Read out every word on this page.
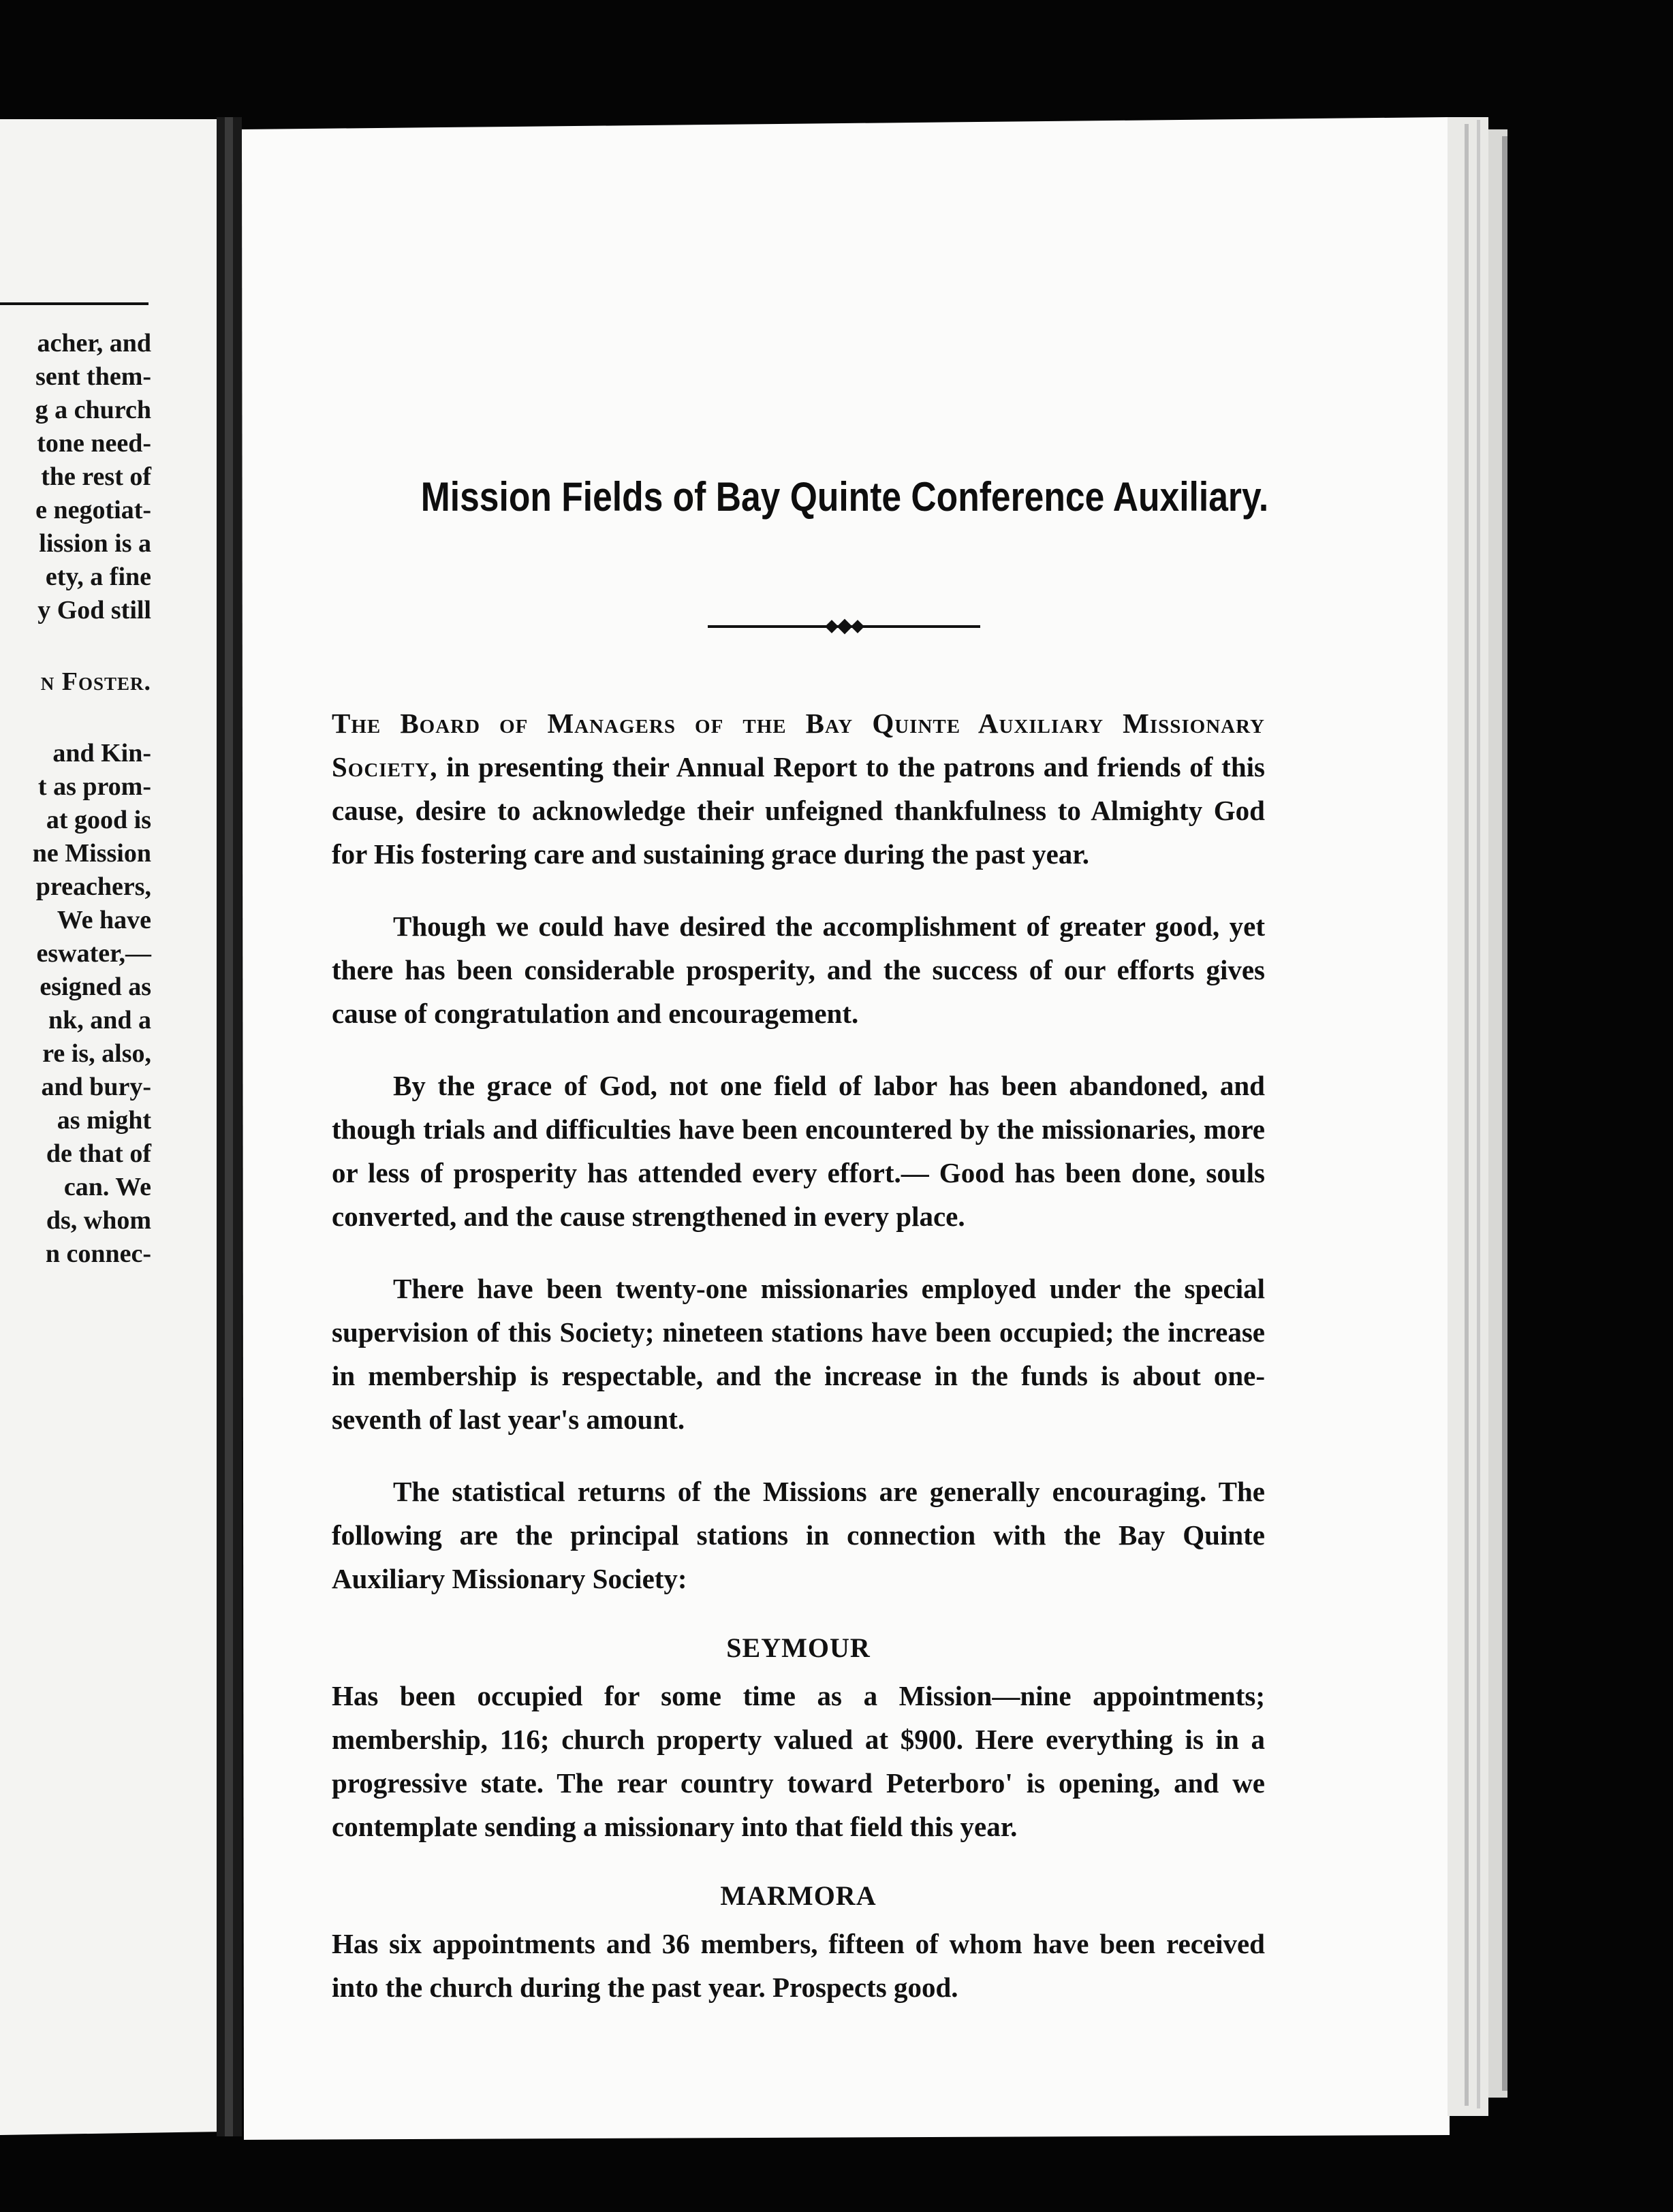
acher, and
sent them-
g a church
tone need-
the rest of
e negotiat-
lission is a
ety, a fine
y God still
n Foster.
and Kin-
t as prom-
at good is
ne Mission
preachers,
We have
eswater,—
esigned as
nk, and a
re is, also,
and bury-
as might
de that of
can. We
ds, whom
n connec-
Mission Fields of Bay Quinte Conference Auxiliary.

The Board of Managers of the Bay Quinte Auxiliary Missionary Society, in presenting their Annual Report to the patrons and friends of this cause, desire to acknowledge their unfeigned thankfulness to Almighty God for His fostering care and sustaining grace during the past year.

Though we could have desired the accomplishment of greater good, yet there has been considerable prosperity, and the success of our efforts gives cause of congratulation and encouragement.

By the grace of God, not one field of labor has been abandoned, and though trials and difficulties have been encountered by the missionaries, more or less of prosperity has attended every effort.— Good has been done, souls converted, and the cause strengthened in every place.

There have been twenty-one missionaries employed under the special supervision of this Society; nineteen stations have been occupied; the increase in membership is respectable, and the increase in the funds is about one-seventh of last year's amount.

The statistical returns of the Missions are generally encouraging. The following are the principal stations in connection with the Bay Quinte Auxiliary Missionary Society:

SEYMOUR

Has been occupied for some time as a Mission—nine appointments; membership, 116; church property valued at $900. Here everything is in a progressive state. The rear country toward Peterboro' is opening, and we contemplate sending a missionary into that field this year.

MARMORA

Has six appointments and 36 members, fifteen of whom have been received into the church during the past year. Prospects good.
